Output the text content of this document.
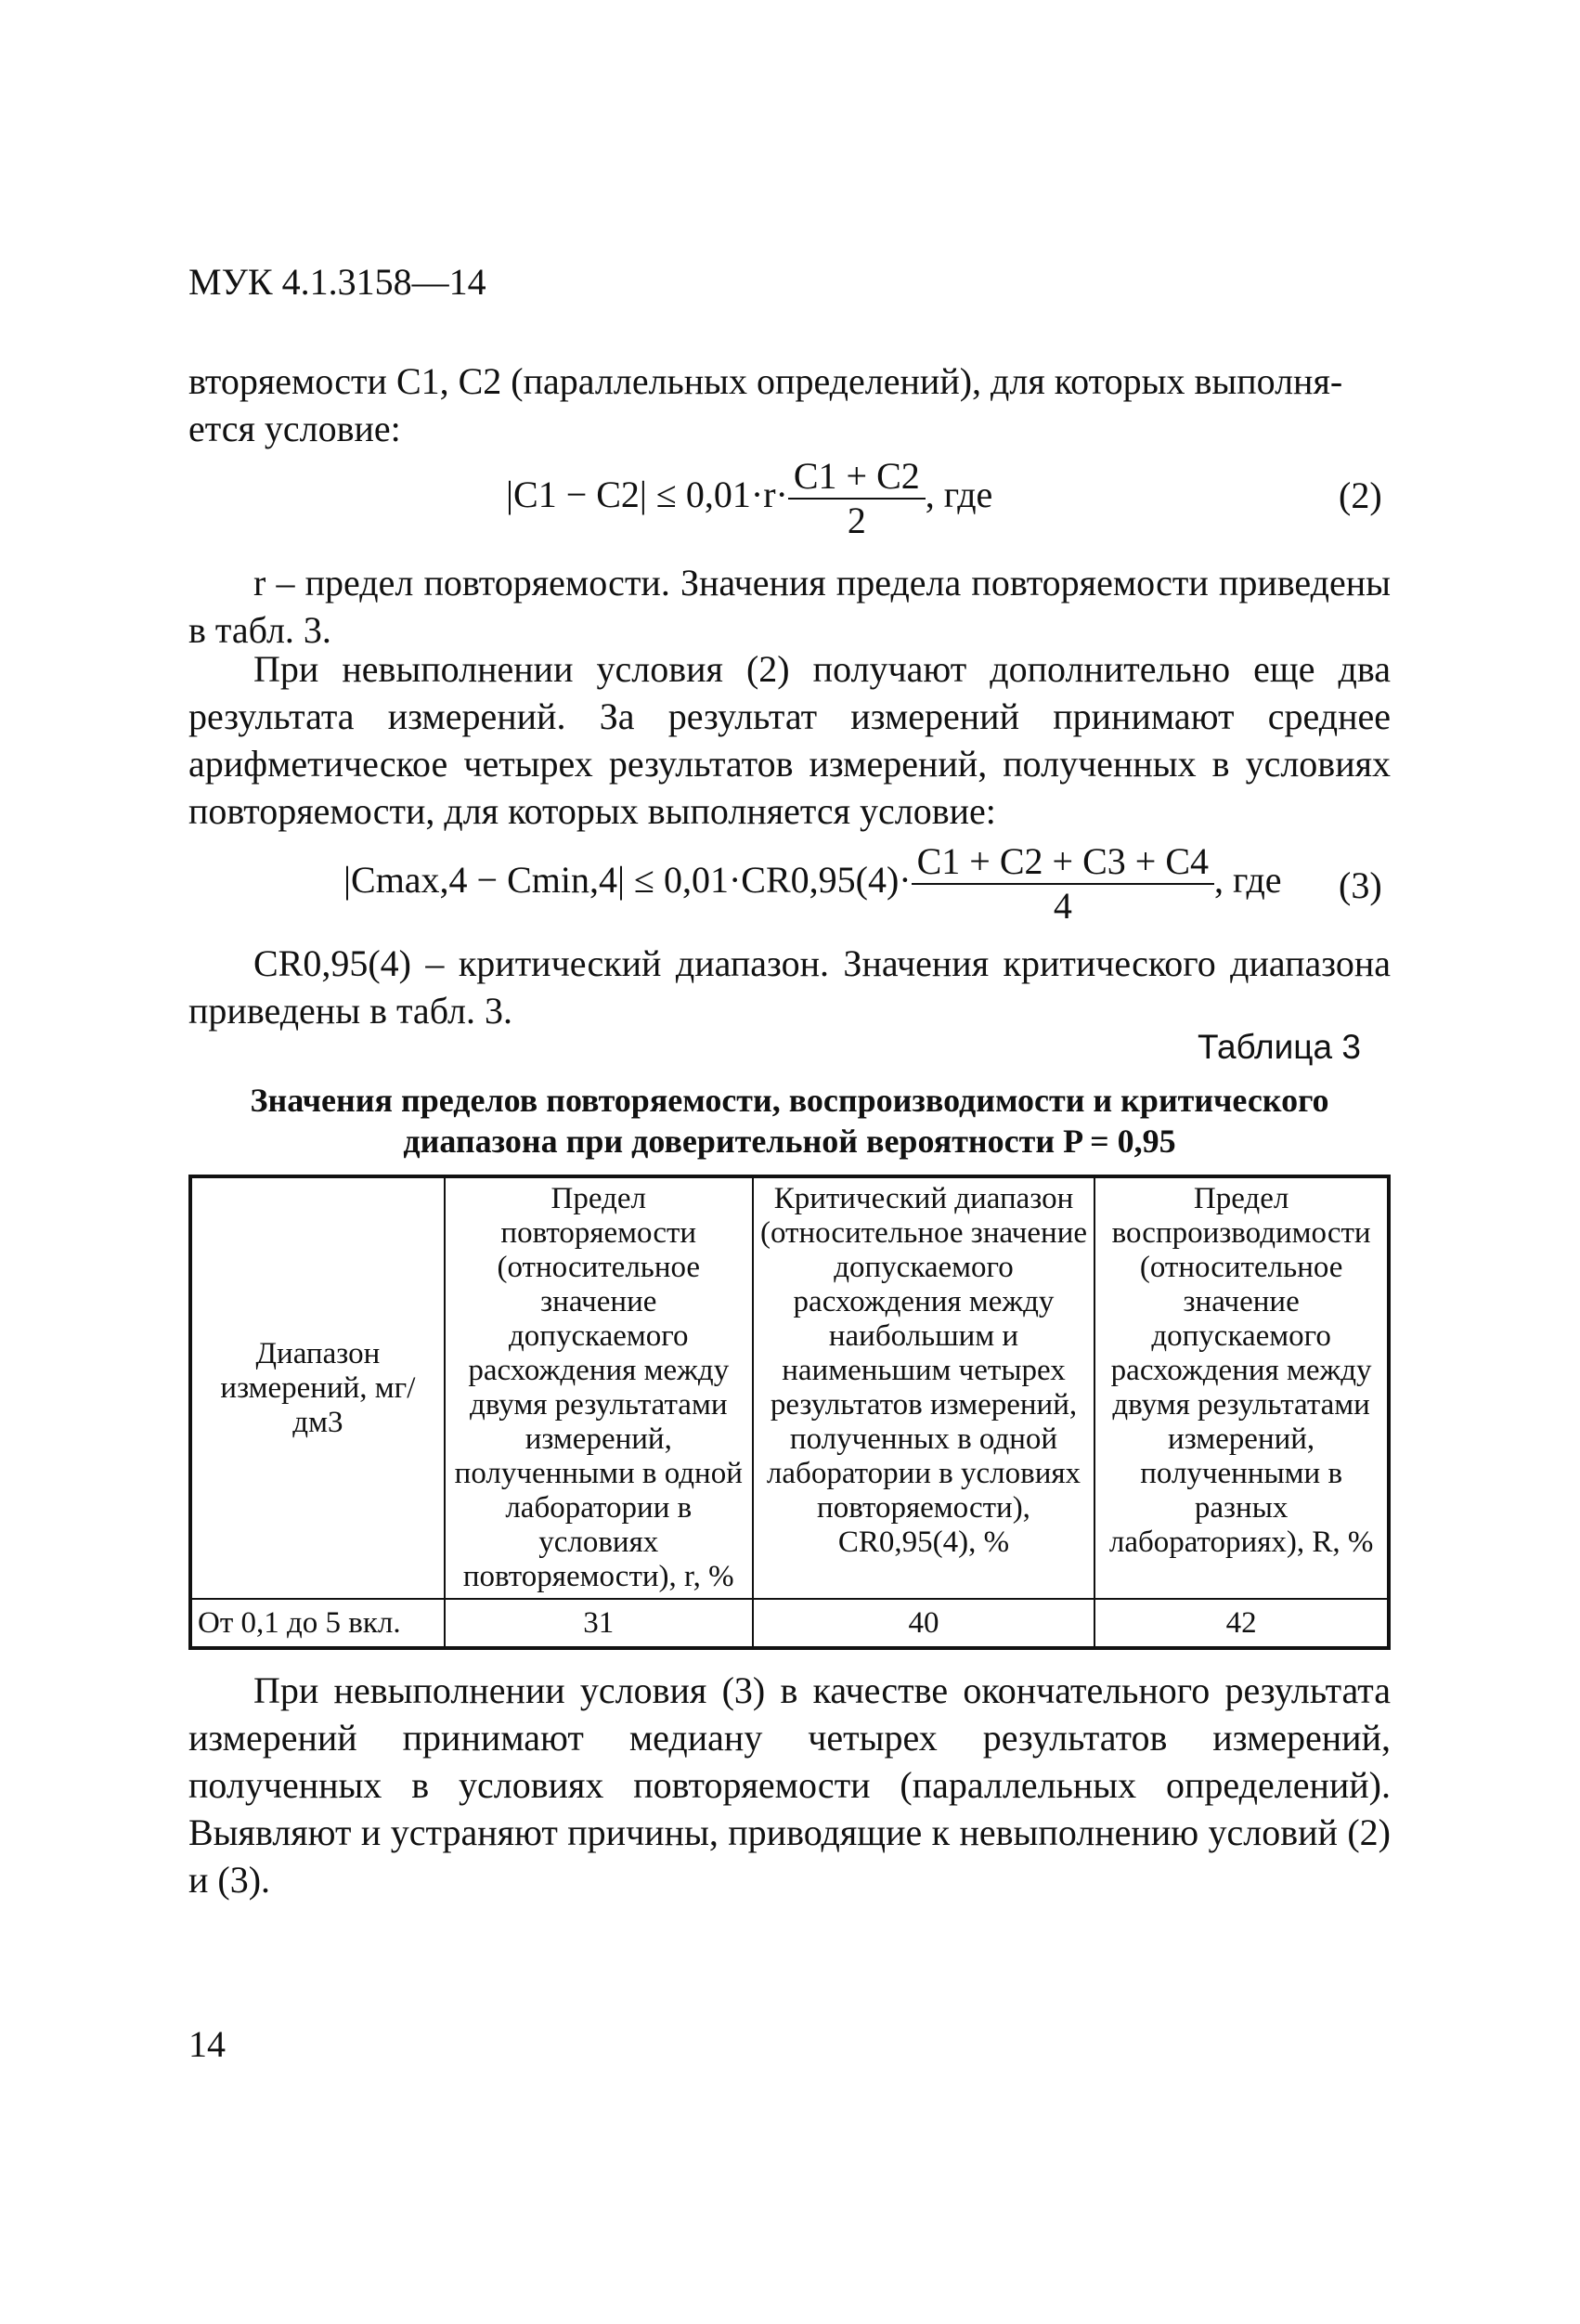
МУК 4.1.3158—14
вторяемости C1, C2 (параллельных определений), для которых выполня-
ется условие:
$|C1 - C2| \le 0,01\cdot r\cdot \frac{C1 + C2}{2}$ , где	(2)
r – предел повторяемости. Значения предела повторяемости приведены в табл. 3.
При невыполнении условия (2) получают дополнительно еще два результата измерений. За результат измерений принимают среднее арифметическое четырех результатов измерений, полученных в условиях повторяемости, для которых выполняется условие:
$|Cmax,4 - Cmin,4| \le 0,01\cdot CR0,95(4)\cdot \frac{C1 + C2 + C3 + C4}{4}$ , где (3)
CR0,95(4) – критический диапазон. Значения критического диапазона приведены в табл. 3.
Таблица 3
Значения пределов повторяемости, воспроизводимости и критического
диапазона при доверительной вероятности P = 0,95
Диапазон измерений, мг/дм3	Предел повторяемости (относительное значение допускаемого расхождения между двумя результатами измерений, полученными в одной лаборатории в условиях повторяемости), r, %	Критический диапазон (относительное значение допускаемого расхождения между наибольшим и наименьшим четырех результатов измерений, полученных в одной лаборатории в условиях повторяемости), CR0,95(4), %	Предел воспроизводимости (относительное значение допускаемого расхождения между двумя результатами измерений, полученными в разных лабораториях), R, %
От 0,1 до 5 вкл.	31	40	42
При невыполнении условия (3) в качестве окончательного результата измерений принимают медиану четырех результатов измерений, полученных в условиях повторяемости (параллельных определений). Выявляют и устраняют причины, приводящие к невыполнению условий (2) и (3).
14
